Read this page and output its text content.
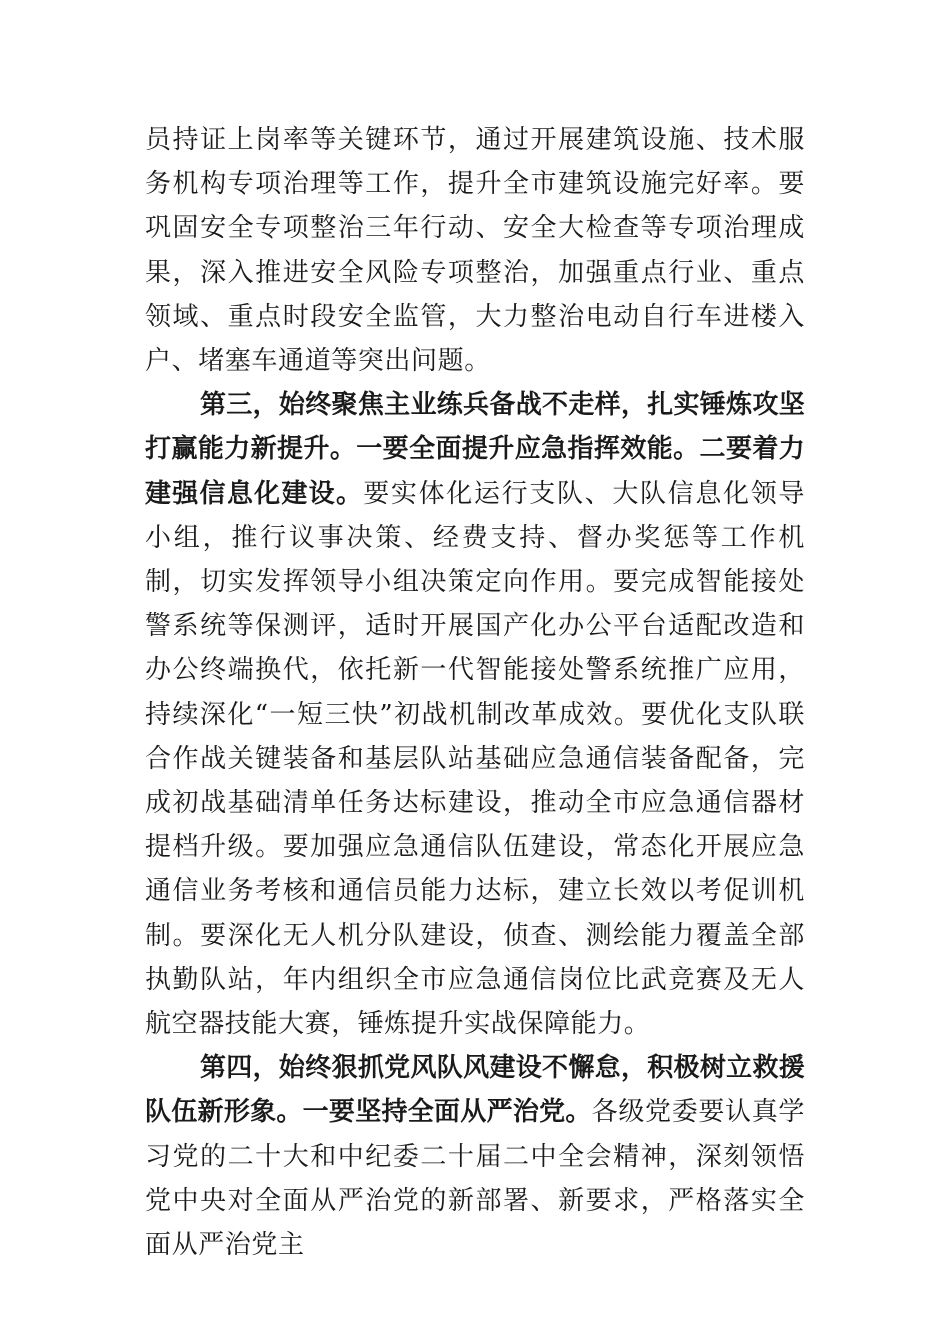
员持证上岗率等关键环节，通过开展建筑设施、技术服务机构专项治理等工作，提升全市建筑设施完好率。要巩固安全专项整治三年行动、安全大检查等专项治理成果，深入推进安全风险专项整治，加强重点行业、重点领域、重点时段安全监管，大力整治电动自行车进楼入户、堵塞车通道等突出问题。

第三，始终聚焦主业练兵备战不走样，扎实锤炼攻坚打赢能力新提升。一要全面提升应急指挥效能。二要着力建强信息化建设。要实体化运行支队、大队信息化领导小组，推行议事决策、经费支持、督办奖惩等工作机制，切实发挥领导小组决策定向作用。要完成智能接处警系统等保测评，适时开展国产化办公平台适配改造和办公终端换代，依托新一代智能接处警系统推广应用，持续深化“一短三快”初战机制改革成效。要优化支队联合作战关键装备和基层队站基础应急通信装备配备，完成初战基础清单任务达标建设，推动全市应急通信器材提档升级。要加强应急通信队伍建设，常态化开展应急通信业务考核和通信员能力达标，建立长效以考促训机制。要深化无人机分队建设，侦查、测绘能力覆盖全部执勤队站，年内组织全市应急通信岗位比武竞赛及无人航空器技能大赛，锤炼提升实战保障能力。

第四，始终狠抓党风队风建设不懈怠，积极树立救援队伍新形象。一要坚持全面从严治党。各级党委要认真学习党的二十大和中纪委二十届二中全会精神，深刻领悟党中央对全面从严治党的新部署、新要求，严格落实全面从严治党主
